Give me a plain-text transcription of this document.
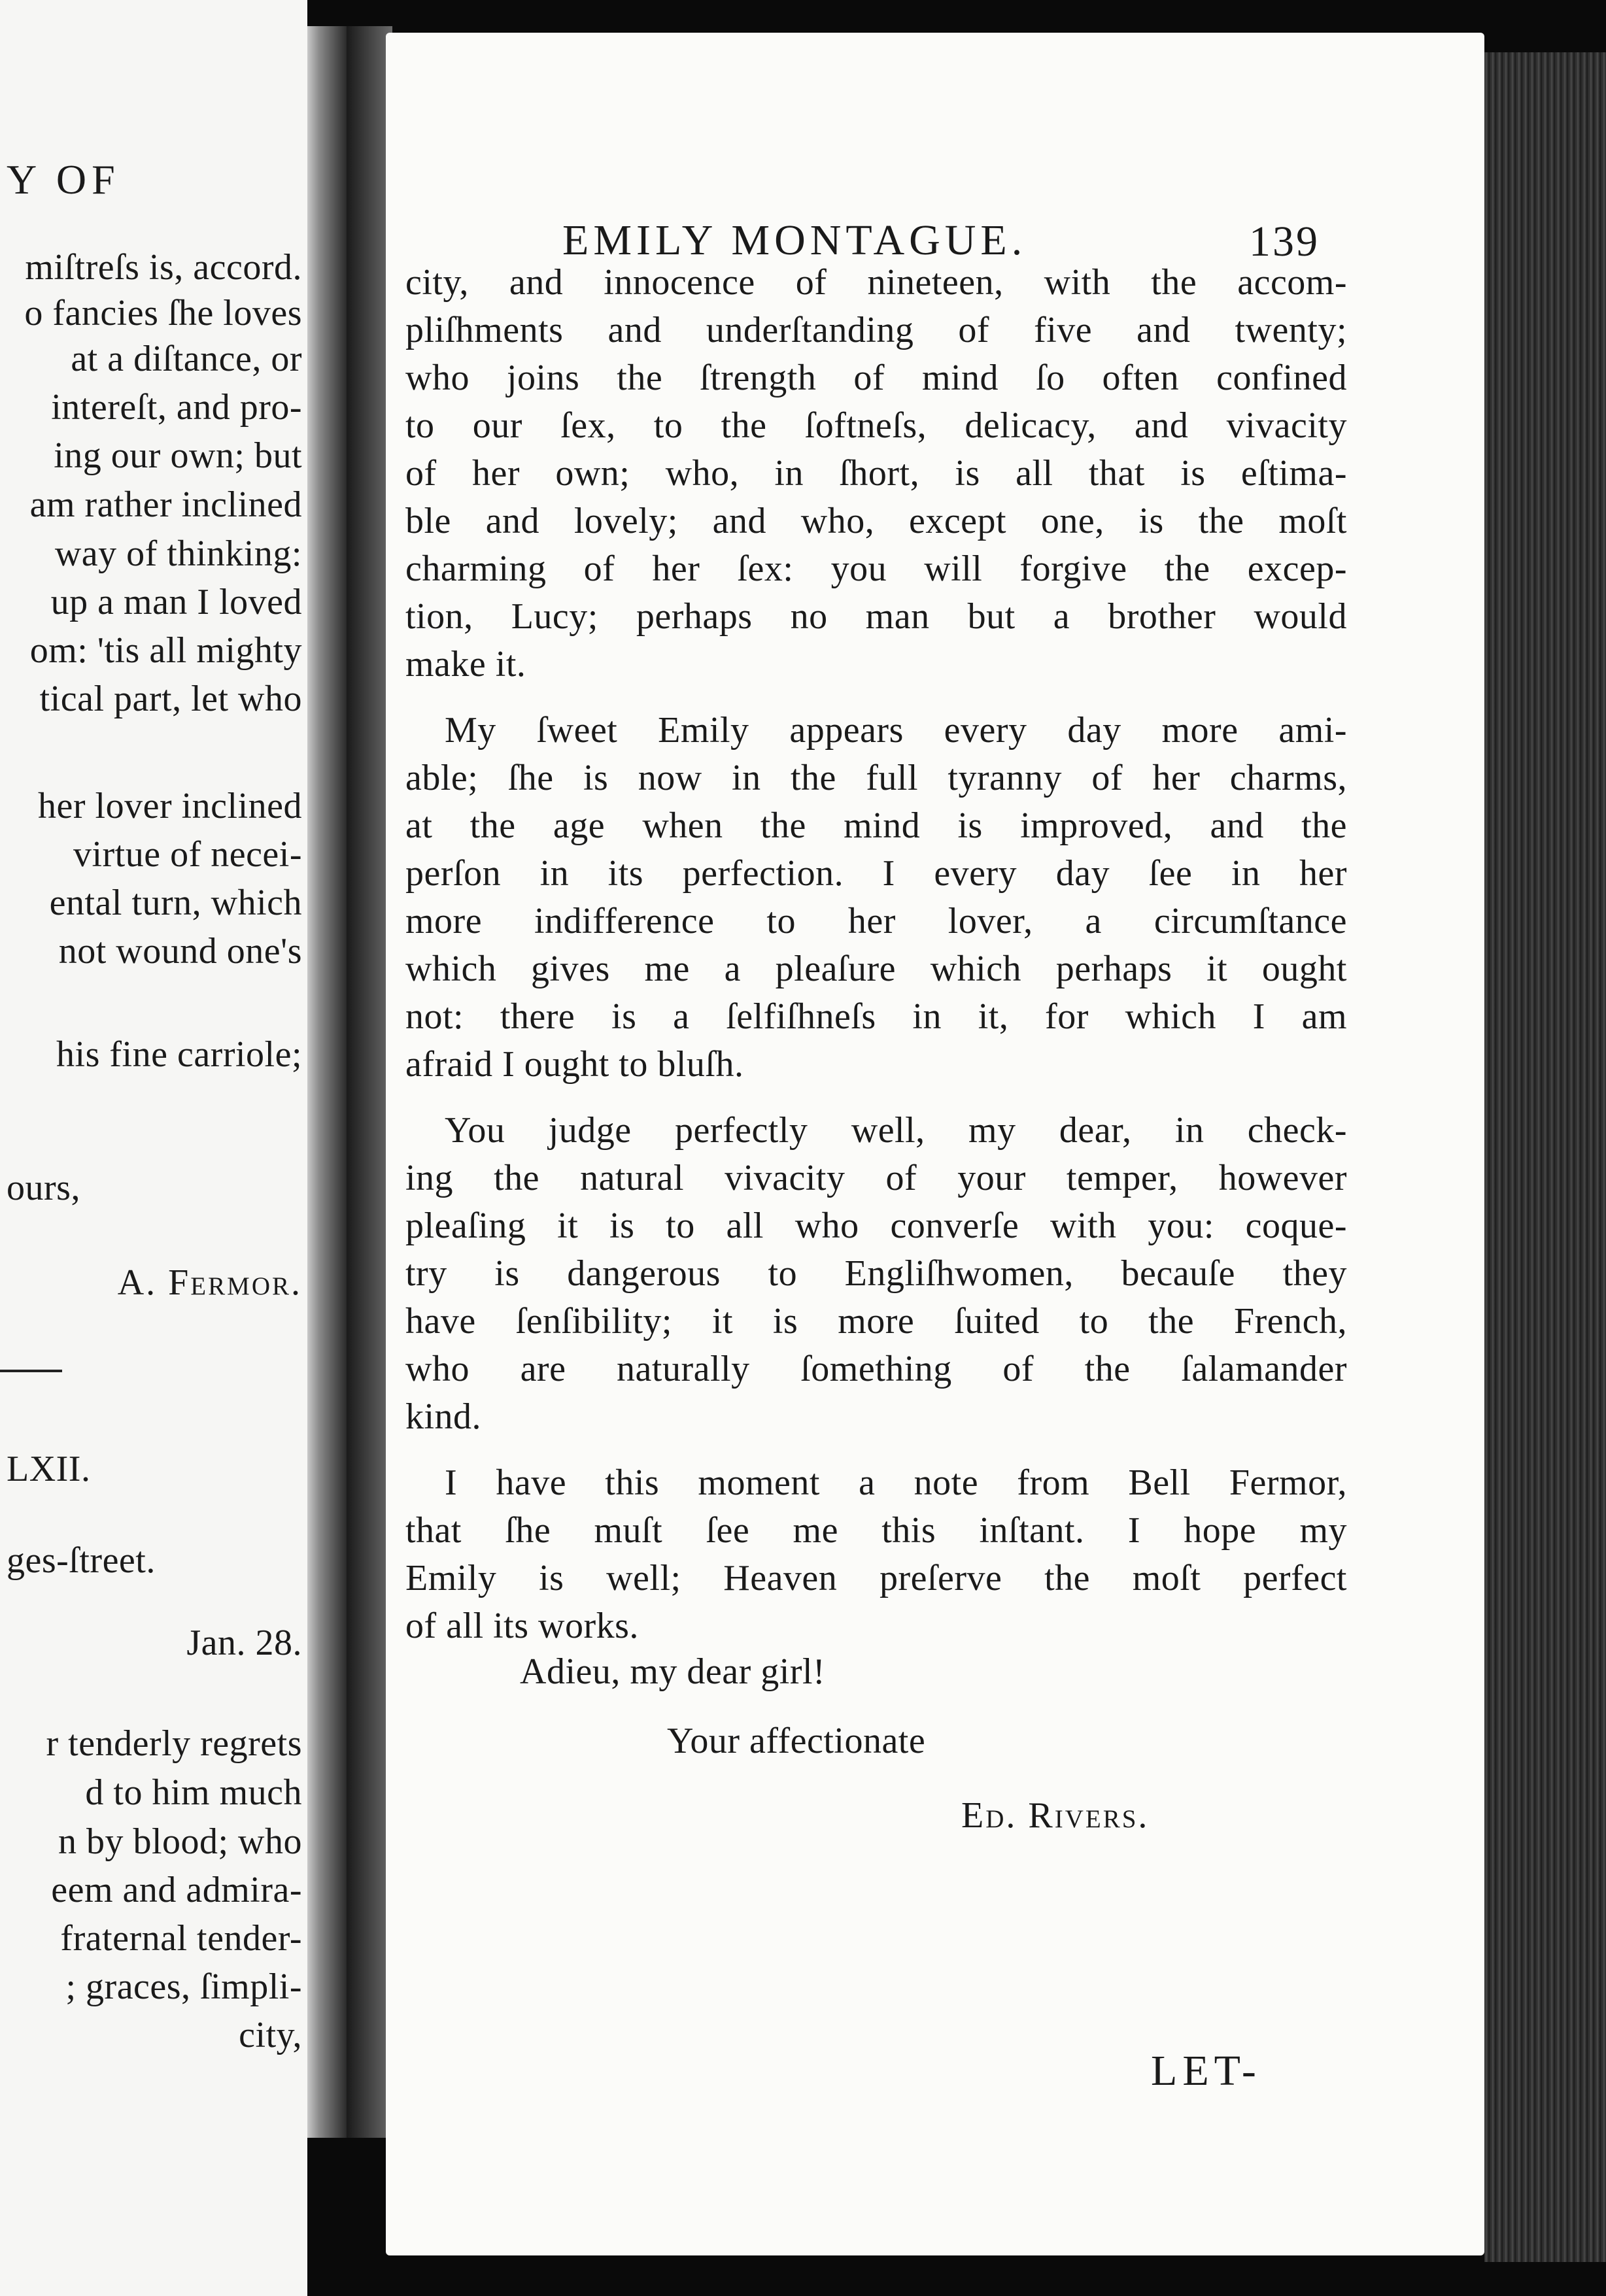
Y OF
miſtreſs is, accord.
o fancies ſhe loves
at a diſtance, or
intereſt, and pro-
ing our own; but
am rather inclined
way of thinking:
up a man I loved
om: 'tis all mighty
tical part, let who
her lover inclined
virtue of necei-
ental turn, which
not wound one's
his fine carriole;
ours,
A. Fermor.
LXII.
ges-ſtreet.
Jan. 28.
r tenderly regrets
d to him much
n by blood; who
eem and admira-
fraternal tender-
; graces, ſimpli-
city,
EMILY MONTAGUE.	139
city, and innocence of nineteen, with the accom-
pliſhments and underſtanding of five and twenty;
who joins the ſtrength of mind ſo often confined
to our ſex, to the ſoftneſs, delicacy, and vivacity
of her own; who, in ſhort, is all that is eſtima-
ble and lovely; and who, except one, is the moſt
charming of her ſex: you will forgive the excep-
tion, Lucy; perhaps no man but a brother would
make it.
My ſweet Emily appears every day more ami-
able; ſhe is now in the full tyranny of her charms,
at the age when the mind is improved, and the
perſon in its perfection. I every day ſee in her
more indifference to her lover, a circumſtance
which gives me a pleaſure which perhaps it ought
not: there is a ſelfiſhneſs in it, for which I am
afraid I ought to bluſh.
You judge perfectly well, my dear, in check-
ing the natural vivacity of your temper, however
pleaſing it is to all who converſe with you: coque-
try is dangerous to Engliſhwomen, becauſe they
have ſenſibility; it is more ſuited to the French,
who are naturally ſomething of the ſalamander
kind.
I have this moment a note from Bell Fermor,
that ſhe muſt ſee me this inſtant. I hope my
Emily is well; Heaven preſerve the moſt perfect
of all its works.
Adieu, my dear girl!
Your affectionate
Ed. Rivers.
LET-
